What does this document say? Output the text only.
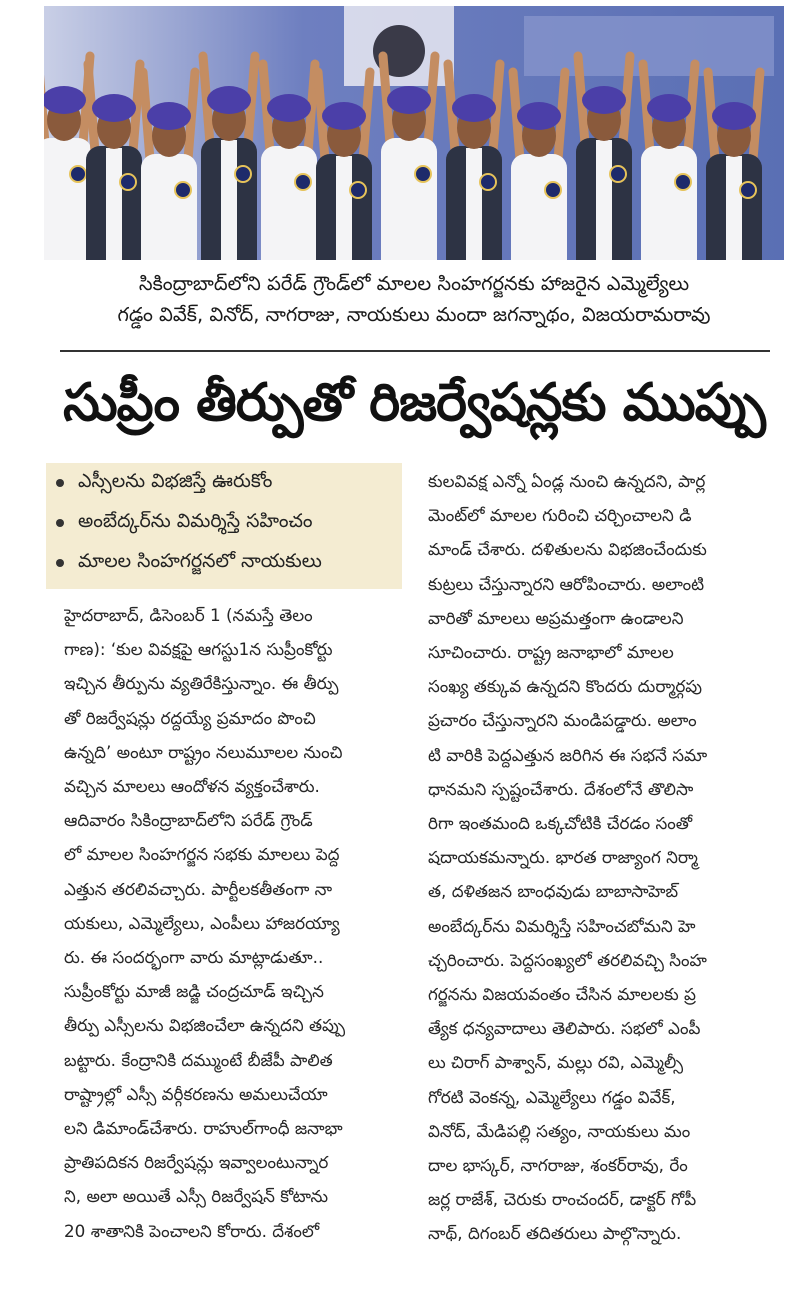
సికింద్రాబాద్‌లోని పరేడ్ గ్రౌండ్‌లో మాలల సింహగర్జనకు హాజరైన ఎమ్మెల్యేలు
గడ్డం వివేక్, వినోద్, నాగరాజు, నాయకులు మందా జగన్నాథం, విజయరామరావు
సుప్రీం తీర్పుతో రిజర్వేషన్లకు ముప్పు
ఎస్సీలను విభజిస్తే ఊరుకోం
అంబేద్కర్‌ను విమర్శిస్తే సహించం
మాలల సింహగర్జనలో నాయకులు
హైదరాబాద్, డిసెంబర్ 1 (నమస్తే తెలం
గాణ): ‘కుల వివక్షపై ఆగస్టు1న సుప్రీంకోర్టు
ఇచ్చిన తీర్పును వ్యతిరేకిస్తున్నాం. ఈ తీర్పు
తో రిజర్వేషన్లు రద్దయ్యే ప్రమాదం పొంచి
ఉన్నది’ అంటూ రాష్ట్రం నలుమూలల నుంచి
వచ్చిన మాలలు ఆందోళన వ్యక్తంచేశారు.
ఆదివారం సికింద్రాబాద్‌లోని పరేడ్ గ్రౌండ్
లో మాలల సింహగర్జన సభకు మాలలు పెద్ద
ఎత్తున తరలివచ్చారు. పార్టీలకతీతంగా నా
యకులు, ఎమ్మెల్యేలు, ఎంపీలు హాజరయ్యా
రు. ఈ సందర్భంగా వారు మాట్లాడుతూ..
సుప్రీంకోర్టు మాజీ జడ్జి చంద్రచూడ్ ఇచ్చిన
తీర్పు ఎస్సీలను విభజించేలా ఉన్నదని తప్పు
బట్టారు. కేంద్రానికి దమ్ముంటే బీజేపీ పాలిత
రాష్ట్రాల్లో ఎస్సీ వర్గీకరణను అమలుచేయా
లని డిమాండ్‌చేశారు. రాహుల్‌గాంధీ జనాభా
ప్రాతిపదికన రిజర్వేషన్లు ఇవ్వాలంటున్నార
ని, అలా అయితే ఎస్సీ రిజర్వేషన్ కోటాను
20 శాతానికి పెంచాలని కోరారు. దేశంలో
కులవివక్ష ఎన్నో ఏండ్ల నుంచి ఉన్నదని, పార్ల
మెంట్‌లో మాలల గురించి చర్చించాలని డి
మాండ్ చేశారు. దళితులను విభజించేందుకు
కుట్రలు చేస్తున్నారని ఆరోపించారు. అలాంటి
వారితో మాలలు అప్రమత్తంగా ఉండాలని
సూచించారు. రాష్ట్ర జనాభాలో మాలల
సంఖ్య తక్కువ ఉన్నదని కొందరు దుర్మార్గపు
ప్రచారం చేస్తున్నారని మండిపడ్డారు. అలాం
టి వారికి పెద్దఎత్తున జరిగిన ఈ సభనే సమా
ధానమని స్పష్టంచేశారు. దేశంలోనే తొలిసా
రిగా ఇంతమంది ఒక్కచోటికి చేరడం సంతో
షదాయకమన్నారు. భారత రాజ్యాంగ నిర్మా
త, దళితజన బాంధవుడు బాబాసాహెబ్
అంబేద్కర్‌ను విమర్శిస్తే సహించబోమని హె
చ్చరించారు. పెద్దసంఖ్యలో తరలివచ్చి సింహ
గర్జనను విజయవంతం చేసిన మాలలకు ప్ర
త్యేక ధన్యవాదాలు తెలిపారు. సభలో ఎంపీ
లు చిరాగ్ పాశ్వాన్, మల్లు రవి, ఎమ్మెల్సీ
గోరటి వెంకన్న, ఎమ్మెల్యేలు గడ్డం వివేక్,
వినోద్, మేడిపల్లి సత్యం, నాయకులు మం
దాల భాస్కర్, నాగరాజు, శంకర్‌రావు, రేం
జర్ల రాజేశ్, చెరుకు రాంచందర్, డాక్టర్ గోపీ
నాథ్, దిగంబర్ తదితరులు పాల్గొన్నారు.
